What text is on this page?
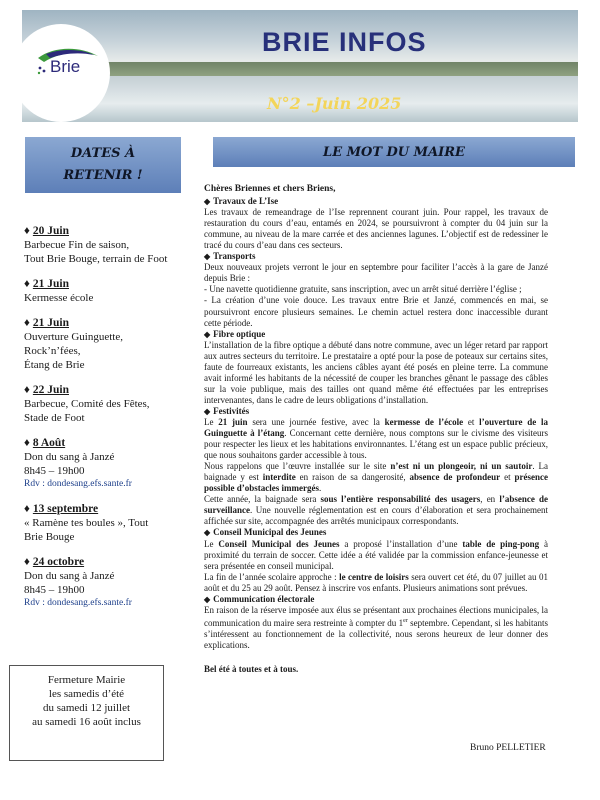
BRIE INFOS

N°2 –Juin 2025

Brie
DATES À
RETENIR !
LE MOT DU MAIRE
♦ 20 Juin
Barbecue Fin de saison,
Tout Brie Bouge, terrain de Foot
♦ 21 Juin
Kermesse école
♦ 21 Juin
Ouverture Guinguette,
Rock’n’fées,
Étang de Brie
♦ 22 Juin
Barbecue, Comité des Fêtes,
Stade de Foot
♦ 8 Août
Don du sang à Janzé
8h45 – 19h00
Rdv : dondesang.efs.sante.fr
♦ 13 septembre
« Ramène tes boules », Tout
Brie Bouge
♦ 24 octobre
Don du sang à Janzé
8h45 – 19h00
Rdv : dondesang.efs.sante.fr
Fermeture Mairie
les samedis d’été
du samedi 12 juillet
au samedi 16 août inclus

Chères Briennes et chers Briens,

◆ Travaux de L’Ise

Les travaux de remeandrage de l’Ise reprennent courant juin. Pour rappel, les travaux de restauration du cours d’eau, entamés en 2024, se poursuivront à compter du 04 juin sur la commune, au niveau de la mare carrée et des anciennes lagunes. L’objectif est de redessiner le tracé du cours d’eau dans ces secteurs.

◆ Transports

Deux nouveaux projets verront le jour en septembre pour faciliter l’accès à la gare de Janzé depuis Brie :

- Une navette quotidienne gratuite, sans inscription, avec un arrêt situé derrière l’église ;

- La création d’une voie douce. Les travaux entre Brie et Janzé, commencés en mai, se poursuivront encore plusieurs semaines. Le chemin actuel restera donc inaccessible durant cette période.

◆ Fibre optique

L’installation de la fibre optique a débuté dans notre commune, avec un léger retard par rapport aux autres secteurs du territoire. Le prestataire a opté pour la pose de poteaux sur certains sites, faute de fourreaux existants, les anciens câbles ayant été posés en pleine terre. La commune avait informé les habitants de la nécessité de couper les branches gênant le passage des câbles sur la voie publique, mais des tailles ont quand même été effectuées par les entreprises intervenantes, dans le cadre de leurs obligations d’installation.

◆ Festivités

Le 21 juin sera une journée festive, avec la kermesse de l’école et l’ouverture de la Guinguette à l’étang. Concernant cette dernière, nous comptons sur le civisme des visiteurs pour respecter les lieux et les habitations environnantes. L’étang est un espace public précieux, que nous souhaitons garder accessible à tous.

Nous rappelons que l’œuvre installée sur le site n’est ni un plongeoir, ni un sautoir. La baignade y est interdite en raison de sa dangerosité, absence de profondeur et présence possible d’obstacles immergés.

Cette année, la baignade sera sous l’entière responsabilité des usagers, en l’absence de surveillance. Une nouvelle réglementation est en cours d’élaboration et sera prochainement affichée sur site, accompagnée des arrêtés municipaux correspondants.

◆ Conseil Municipal des Jeunes

Le Conseil Municipal des Jeunes a proposé l’installation d’une table de ping-pong à proximité du terrain de soccer. Cette idée a été validée par la commission enfance-jeunesse et sera présentée en conseil municipal.

La fin de l’année scolaire approche : le centre de loisirs sera ouvert cet été, du 07 juillet au 01 août et du 25 au 29 août. Pensez à inscrire vos enfants. Plusieurs animations sont prévues.

◆ Communication électorale

En raison de la réserve imposée aux élus se présentant aux prochaines élections municipales, la communication du maire sera restreinte à compter du 1er septembre. Cependant, si les habitants s’intéressent au fonctionnement de la collectivité, nous serons heureux de leur donner des explications.

Bel été à toutes et à tous.

Bruno PELLETIER
